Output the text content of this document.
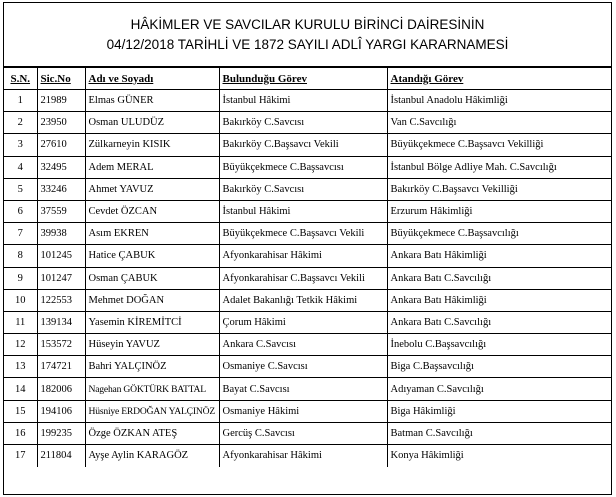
HÂKİMLER VE SAVCILAR KURULU BİRİNCİ DAİRESİNİN
04/12/2018 TARİHLİ VE 1872 SAYILI ADLÎ YARGI KARARNAMESİ
S.N.	Sic.No	Adı ve Soyadı	Bulunduğu Görev	Atandığı Görev
1	21989	Elmas GÜNER	İstanbul Hâkimi	İstanbul Anadolu Hâkimliği
2	23950	Osman ULUDÜZ	Bakırköy C.Savcısı	Van C.Savcılığı
3	27610	Zülkarneyin KISIK	Bakırköy C.Başsavcı Vekili	Büyükçekmece C.Başsavcı Vekilliği
4	32495	Adem MERAL	Büyükçekmece C.Başsavcısı	İstanbul Bölge Adliye Mah. C.Savcılığı
5	33246	Ahmet YAVUZ	Bakırköy C.Savcısı	Bakırköy C.Başsavcı Vekilliği
6	37559	Cevdet ÖZCAN	İstanbul Hâkimi	Erzurum Hâkimliği
7	39938	Asım EKREN	Büyükçekmece C.Başsavcı Vekili	Büyükçekmece C.Başsavcılığı
8	101245	Hatice ÇABUK	Afyonkarahisar Hâkimi	Ankara Batı Hâkimliği
9	101247	Osman ÇABUK	Afyonkarahisar C.Başsavcı Vekili	Ankara Batı C.Savcılığı
10	122553	Mehmet DOĞAN	Adalet Bakanlığı Tetkik Hâkimi	Ankara Batı Hâkimliği
11	139134	Yasemin KİREMİTCİ	Çorum Hâkimi	Ankara Batı C.Savcılığı
12	153572	Hüseyin YAVUZ	Ankara C.Savcısı	İnebolu C.Başsavcılığı
13	174721	Bahri YALÇINÖZ	Osmaniye C.Savcısı	Biga C.Başsavcılığı
14	182006	Nagehan GÖKTÜRK BATTAL	Bayat C.Savcısı	Adıyaman C.Savcılığı
15	194106	Hüsniye ERDOĞAN YALÇINÖZ	Osmaniye Hâkimi	Biga Hâkimliği
16	199235	Özge ÖZKAN ATEŞ	Gercüş C.Savcısı	Batman C.Savcılığı
17	211804	Ayşe Aylin KARAGÖZ	Afyonkarahisar Hâkimi	Konya Hâkimliği
